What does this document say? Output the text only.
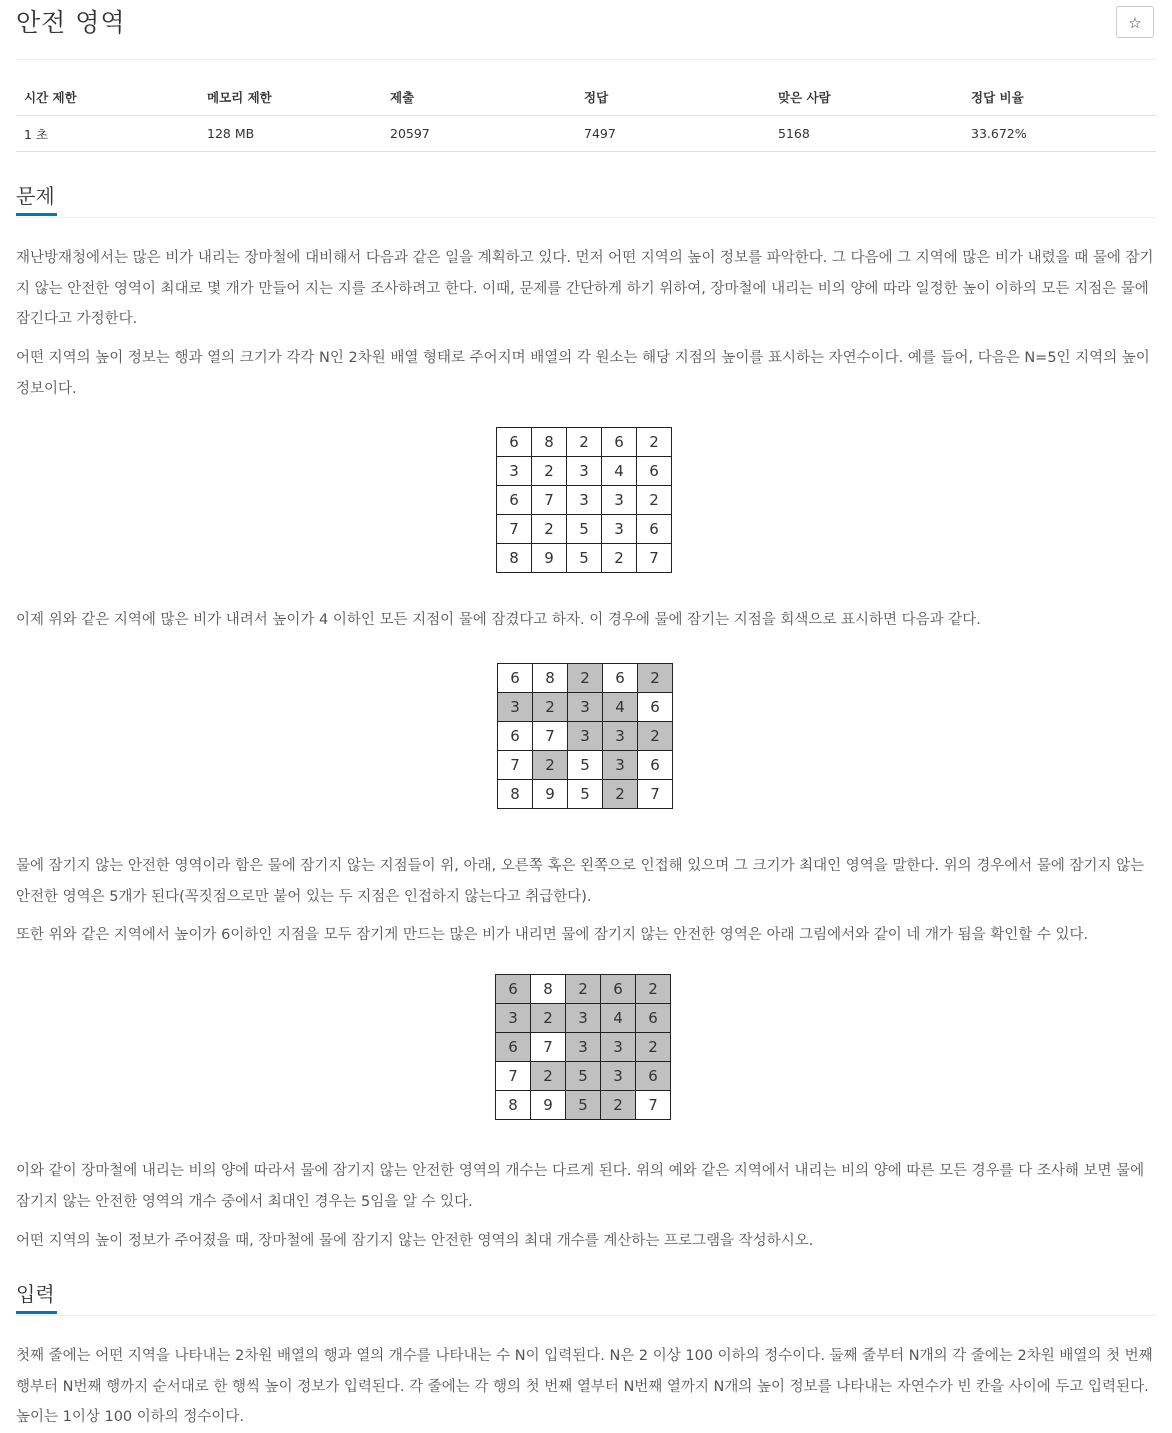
안전 영역	☆
시간 제한	메모리 제한	제출	정답	맞은 사람	정답 비율
1 초	128 MB	20597	7497	5168	33.672%
문제

재난방재청에서는 많은 비가 내리는 장마철에 대비해서 다음과 같은 일을 계획하고 있다. 먼저 어떤 지역의 높이 정보를 파악한다. 그 다음에 그 지역에 많은 비가 내렸을 때 물에 잠기지 않는 안전한 영역이 최대로 몇 개가 만들어 지는 지를 조사하려고 한다. 이때, 문제를 간단하게 하기 위하여, 장마철에 내리는 비의 양에 따라 일정한 높이 이하의 모든 지점은 물에 잠긴다고 가정한다.

어떤 지역의 높이 정보는 행과 열의 크기가 각각 N인 2차원 배열 형태로 주어지며 배열의 각 원소는 해당 지점의 높이를 표시하는 자연수이다. 예를 들어, 다음은 N=5인 지역의 높이 정보이다.

6	8	2	6	2
3	2	3	4	6
6	7	3	3	2
7	2	5	3	6
8	9	5	2	7

이제 위와 같은 지역에 많은 비가 내려서 높이가 4 이하인 모든 지점이 물에 잠겼다고 하자. 이 경우에 물에 잠기는 지점을 회색으로 표시하면 다음과 같다.

6	8	2	6	2
3	2	3	4	6
6	7	3	3	2
7	2	5	3	6
8	9	5	2	7

물에 잠기지 않는 안전한 영역이라 함은 물에 잠기지 않는 지점들이 위, 아래, 오른쪽 혹은 왼쪽으로 인접해 있으며 그 크기가 최대인 영역을 말한다. 위의 경우에서 물에 잠기지 않는 안전한 영역은 5개가 된다(꼭짓점으로만 붙어 있는 두 지점은 인접하지 않는다고 취급한다).

또한 위와 같은 지역에서 높이가 6이하인 지점을 모두 잠기게 만드는 많은 비가 내리면 물에 잠기지 않는 안전한 영역은 아래 그림에서와 같이 네 개가 됨을 확인할 수 있다.

6	8	2	6	2
3	2	3	4	6
6	7	3	3	2
7	2	5	3	6
8	9	5	2	7

이와 같이 장마철에 내리는 비의 양에 따라서 물에 잠기지 않는 안전한 영역의 개수는 다르게 된다. 위의 예와 같은 지역에서 내리는 비의 양에 따른 모든 경우를 다 조사해 보면 물에 잠기지 않는 안전한 영역의 개수 중에서 최대인 경우는 5임을 알 수 있다.

어떤 지역의 높이 정보가 주어졌을 때, 장마철에 물에 잠기지 않는 안전한 영역의 최대 개수를 계산하는 프로그램을 작성하시오.

입력

첫째 줄에는 어떤 지역을 나타내는 2차원 배열의 행과 열의 개수를 나타내는 수 N이 입력된다. N은 2 이상 100 이하의 정수이다. 둘째 줄부터 N개의 각 줄에는 2차원 배열의 첫 번째 행부터 N번째 행까지 순서대로 한 행씩 높이 정보가 입력된다. 각 줄에는 각 행의 첫 번째 열부터 N번째 열까지 N개의 높이 정보를 나타내는 자연수가 빈 칸을 사이에 두고 입력된다. 높이는 1이상 100 이하의 정수이다.
